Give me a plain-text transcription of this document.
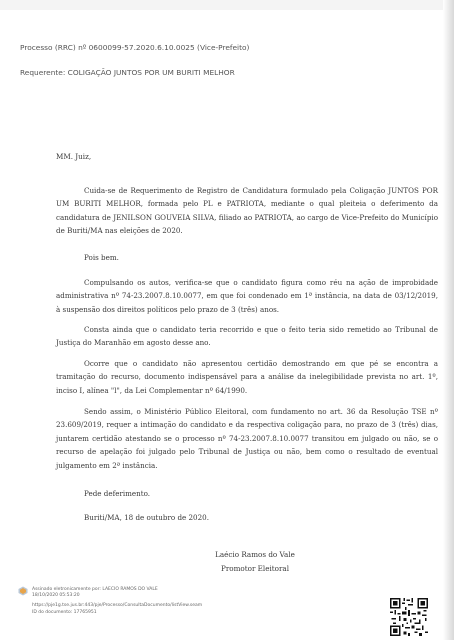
Processo (RRC) nº 0600099-57.2020.6.10.0025 (Vice-Prefeito)
Requerente: COLIGAÇÃO JUNTOS POR UM BURITI MELHOR
MM. Juiz,
Cuida-se de Requerimento de Registro de Candidatura formulado pela Coligação JUNTOS POR UM BURITI MELHOR, formada pelo PL e PATRIOTA, mediante o qual pleiteia o deferimento da candidatura de JENILSON GOUVEIA SILVA, filiado ao PATRIOTA, ao cargo de Vice-Prefeito do Município de Buriti/MA nas eleições de 2020.
Pois bem.
Compulsando os autos, verifica-se que o candidato figura como réu na ação de improbidade administrativa nº 74-23.2007.8.10.0077, em que foi condenado em 1ª instância, na data de 03/12/2019, à suspensão dos direitos políticos pelo prazo de 3 (três) anos.
Consta ainda que o candidato teria recorrido e que o feito teria sido remetido ao Tribunal de Justiça do Maranhão em agosto desse ano.
Ocorre que o candidato não apresentou certidão demostrando em que pé se encontra a tramitação do recurso, documento indispensável para a análise da inelegibilidade prevista no art. 1º, inciso I, alínea "l", da Lei Complementar nº 64/1990.
Sendo assim, o Ministério Público Eleitoral, com fundamento no art. 36 da Resolução TSE nº 23.609/2019, requer a intimação do candidato e da respectiva coligação para, no prazo de 3 (três) dias, juntarem certidão atestando se o processo nº 74-23.2007.8.10.0077 transitou em julgado ou não, se o recurso de apelação foi julgado pelo Tribunal de Justiça ou não, bem como o resultado de eventual julgamento em 2ª instância.
Pede deferimento.
Buriti/MA, 18 de outubro de 2020.
Laécio Ramos do Vale
Promotor Eleitoral
Assinado eletronicamente por: LAECIO RAMOS DO VALE
18/10/2020 05:53:20
https://pje1g.tse.jus.br:443/pje/Processo/ConsultaDocumento/listView.seam
ID do documento: 17765951
